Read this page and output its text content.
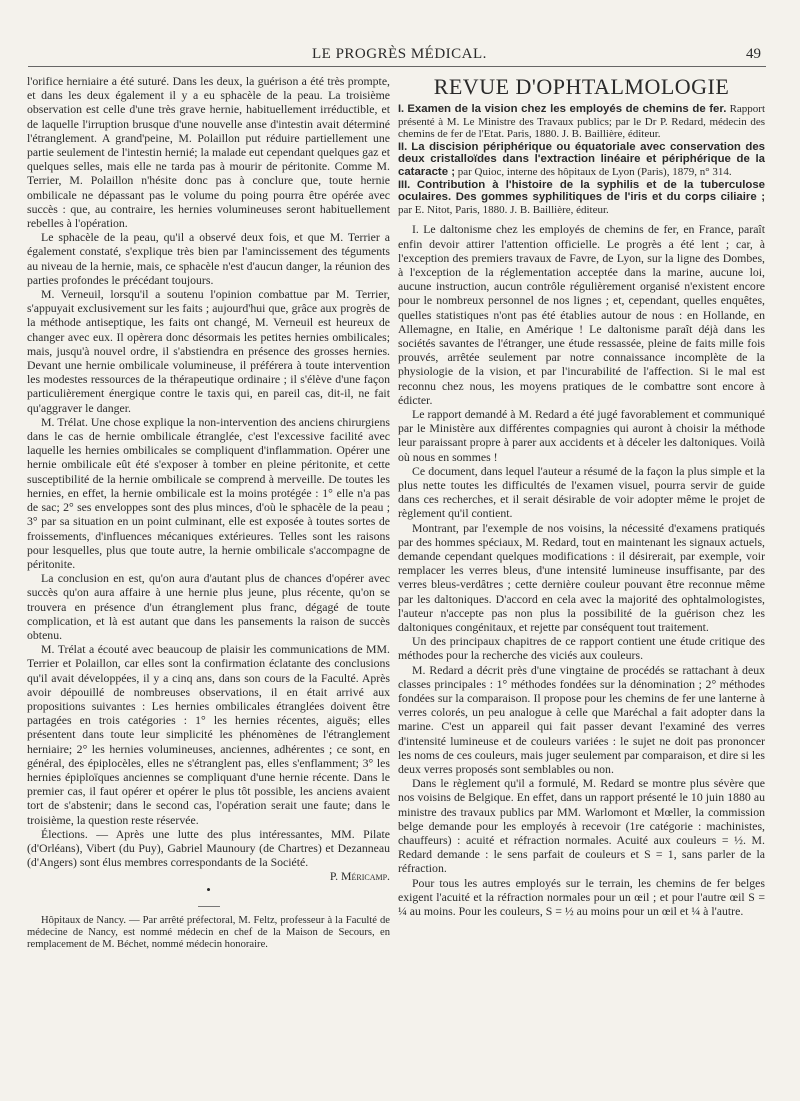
LE PROGRÈS MÉDICAL.	49

l'orifice herniaire a été suturé. Dans les deux, la guérison a été très prompte, et dans les deux également il y a eu sphacèle de la peau. La troisième observation est celle d'une très grave hernie, habituellement irréductible, et de laquelle l'irruption brusque d'une nouvelle anse d'intestin avait déterminé l'étranglement. A grand'peine, M. Polaillon put réduire partiellement une partie seulement de l'intestin hernié; la malade eut cependant quelques gaz et quelques selles, mais elle ne tarda pas à mourir de péritonite. Comme M. Terrier, M. Polaillon n'hésite donc pas à conclure que, toute hernie ombilicale ne dépassant pas le volume du poing pourra être opérée avec succès : que, au contraire, les hernies volumineuses seront habituellement rebelles à l'opération.

Le sphacèle de la peau, qu'il a observé deux fois, et que M. Terrier a également constaté, s'explique très bien par l'amincissement des téguments au niveau de la hernie, mais, ce sphacèle n'est d'aucun danger, la réunion des parties profondes le précédant toujours.

M. Verneuil, lorsqu'il a soutenu l'opinion combattue par M. Terrier, s'appuyait exclusivement sur les faits ; aujourd'hui que, grâce aux progrès de la méthode antiseptique, les faits ont changé, M. Verneuil est heureux de changer avec eux. Il opèrera donc désormais les petites hernies ombilicales; mais, jusqu'à nouvel ordre, il s'abstiendra en présence des grosses hernies. Devant une hernie ombilicale volumineuse, il préférera à toute intervention les modestes ressources de la thérapeutique ordinaire ; il s'élève d'une façon particulièrement énergique contre le taxis qui, en pareil cas, dit-il, ne fait qu'aggraver le danger.

M. Trélat. Une chose explique la non-intervention des anciens chirurgiens dans le cas de hernie ombilicale étranglée, c'est l'excessive facilité avec laquelle les hernies ombilicales se compliquent d'inflammation. Opérer une hernie ombilicale eût été s'exposer à tomber en pleine péritonite, et cette susceptibilité de la hernie ombilicale se comprend à merveille. De toutes les hernies, en effet, la hernie ombilicale est la moins protégée : 1° elle n'a pas de sac; 2° ses enveloppes sont des plus minces, d'où le sphacèle de la peau ; 3° par sa situation en un point culminant, elle est exposée à toutes sortes de froissements, d'influences mécaniques extérieures. Telles sont les raisons pour lesquelles, plus que toute autre, la hernie ombilicale s'accompagne de péritonite.

La conclusion en est, qu'on aura d'autant plus de chances d'opérer avec succès qu'on aura affaire à une hernie plus jeune, plus récente, qu'on se trouvera en présence d'un étranglement plus franc, dégagé de toute complication, et là est autant que dans les pansements la raison de succès obtenu.

M. Trélat a écouté avec beaucoup de plaisir les communications de MM. Terrier et Polaillon, car elles sont la confirmation éclatante des conclusions qu'il avait développées, il y a cinq ans, dans son cours de la Faculté. Après avoir dépouillé de nombreuses observations, il en était arrivé aux propositions suivantes : Les hernies ombilicales étranglées doivent être partagées en trois catégories : 1° les hernies récentes, aiguës; elles présentent dans toute leur simplicité les phénomènes de l'étranglement herniaire; 2° les hernies volumineuses, anciennes, adhérentes ; ce sont, en général, des épiplocèles, elles ne s'étranglent pas, elles s'enflamment; 3° les hernies épiploïques anciennes se compliquant d'une hernie récente. Dans le premier cas, il faut opérer et opérer le plus tôt possible, les anciens avaient tort de s'abstenir; dans le second cas, l'opération serait une faute; dans le troisième, la question reste réservée.

Élections. — Après une lutte des plus intéressantes, MM. Pilate (d'Orléans), Vibert (du Puy), Gabriel Maunoury (de Chartres) et Dezanneau (d'Angers) sont élus membres correspondants de la Société.

P. Méricamp.
•

Hôpitaux de Nancy. — Par arrêté préfectoral, M. Feltz, professeur à la Faculté de médecine de Nancy, est nommé médecin en chef de la Maison de Secours, en remplacement de M. Béchet, nommé médecin honoraire.

REVUE D'OPHTALMOLOGIE

I. Examen de la vision chez les employés de chemins de fer. Rapport présenté à M. Le Ministre des Travaux publics; par le Dr P. Redard, médecin des chemins de fer de l'Etat. Paris, 1880. J. B. Baillière, éditeur.

II. La discision périphérique ou équatoriale avec conservation des deux cristalloïdes dans l'extraction linéaire et périphérique de la cataracte ; par Quioc, interne des hôpitaux de Lyon (Paris), 1879, n° 314.

III. Contribution à l'histoire de la syphilis et de la tuberculose oculaires. Des gommes syphilitiques de l'iris et du corps ciliaire ; par E. Nitot, Paris, 1880. J. B. Baillière, éditeur.

I. Le daltonisme chez les employés de chemins de fer, en France, paraît enfin devoir attirer l'attention officielle. Le progrès a été lent ; car, à l'exception des premiers travaux de Favre, de Lyon, sur la ligne des Dombes, à l'exception de la réglementation acceptée dans la marine, aucune loi, aucune instruction, aucun contrôle régulièrement organisé n'existent encore pour le nombreux personnel de nos lignes ; et, cependant, quelles enquêtes, quelles statistiques n'ont pas été établies autour de nous : en Hollande, en Allemagne, en Italie, en Amérique ! Le daltonisme paraît déjà dans les sociétés savantes de l'étranger, une étude ressassée, pleine de faits mille fois prouvés, arrêtée seulement par notre connaissance incomplète de la physiologie de la vision, et par l'incurabilité de l'affection. Si le mal est reconnu chez nous, les moyens pratiques de le combattre sont encore à édicter.

Le rapport demandé à M. Redard a été jugé favorablement et communiqué par le Ministère aux différentes compagnies qui auront à choisir la méthode leur paraissant propre à parer aux accidents et à déceler les daltoniques. Voilà où nous en sommes !

Ce document, dans lequel l'auteur a résumé de la façon la plus simple et la plus nette toutes les difficultés de l'examen visuel, pourra servir de guide dans ces recherches, et il serait désirable de voir adopter même le projet de règlement qu'il contient.

Montrant, par l'exemple de nos voisins, la nécessité d'examens pratiqués par des hommes spéciaux, M. Redard, tout en maintenant les signaux actuels, demande cependant quelques modifications : il désirerait, par exemple, voir remplacer les verres bleus, d'une intensité lumineuse insuffisante, par des verres bleus-verdâtres ; cette dernière couleur pouvant être reconnue même par les daltoniques. D'accord en cela avec la majorité des ophtalmologistes, l'auteur n'accepte pas non plus la possibilité de la guérison chez les daltoniques congénitaux, et rejette par conséquent tout traitement.

Un des principaux chapitres de ce rapport contient une étude critique des méthodes pour la recherche des viciés aux couleurs.

M. Redard a décrit près d'une vingtaine de procédés se rattachant à deux classes principales : 1° méthodes fondées sur la dénomination ; 2° méthodes fondées sur la comparaison. Il propose pour les chemins de fer une lanterne à verres colorés, un peu analogue à celle que Maréchal a fait adopter dans la marine. C'est un appareil qui fait passer devant l'examiné des verres d'intensité lumineuse et de couleurs variées : le sujet ne doit pas prononcer les noms de ces couleurs, mais juger seulement par comparaison, et dire si les deux verres proposés sont semblables ou non.

Dans le règlement qu'il a formulé, M. Redard se montre plus sévère que nos voisins de Belgique. En effet, dans un rapport présenté le 10 juin 1880 au ministre des travaux publics par MM. Warlomont et Mœller, la commission belge demande pour les employés à recevoir (1re catégorie : machinistes, chauffeurs) : acuité et réfraction normales. Acuité aux couleurs = ½. M. Redard demande : le sens parfait de couleurs et S = 1, sans parler de la réfraction.

Pour tous les autres employés sur le terrain, les chemins de fer belges exigent l'acuité et la réfraction normales pour un œil ; et pour l'autre œil S = ¼ au moins. Pour les couleurs, S = ½ au moins pour un œil et ¼ à l'autre.
